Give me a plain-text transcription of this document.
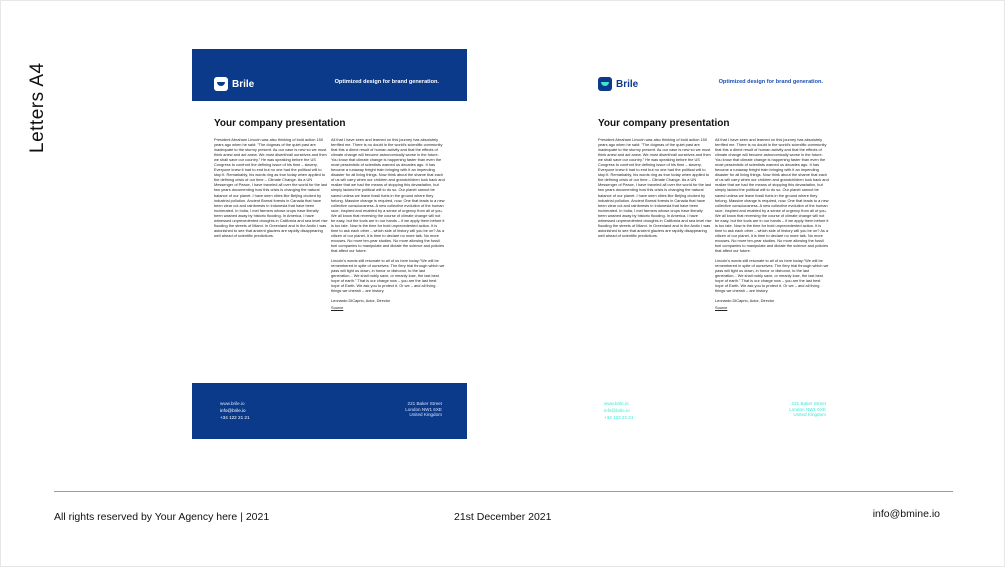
Letters A4	Brile	Optimized design for brand generation.
Your company presentation

President Abraham Lincoln was also thinking of bold action 150 years ago when he said: "The dogmas of the quiet past are inadequate to the stormy present. As our case is new so we must think anew and act anew. We must disenthrall ourselves and then we shall save our country." He was speaking before the US Congress to confront the defining issue of his time – slavery. Everyone knew it had to end but no one had the political will to stop it. Remarkably, his words ring as true today when applied to the defining crisis of our time – Climate Change. As a UN Messenger of Peace, I have traveled all over the world for the last two years documenting how this crisis is changing the natural balance of our planet. I have seen cities like Beijing choked by industrial pollution. Ancient Boreal forests in Canada that have been clear cut and rainforests in Indonesia that have been incinerated. In India, I met farmers whose crops have literally been washed away by historic flooding. In America, I have witnessed unprecedented droughts in California and sea level rise flooding the streets of Miami. In Greenland and in the Arctic I was astonished to see that ancient glaciers are rapidly disappearing well ahead of scientific predictions.

All that I have seen and learned on this journey has absolutely terrified me. There is no doubt in the world's scientific community that this a direct result of human activity and that the effects of climate change will become astronomically worse in the future. You know that climate change is happening faster than even the most pessimistic of scientists warned us decades ago. It has become a runaway freight train bringing with it an impending disaster for all living things. Now think about the shame that each of us will carry when our children and grandchildren look back and realize that we had the means of stopping this devastation, but simply lacked the political will to do so. Our planet cannot be saved unless we leave fossil fuels in the ground where they belong. Massive change is required, now. One that leads to a new collective consciousness. A new collective evolution of the human race, inspired and enabled by a sense of urgency from all of you. We all know that reversing the course of climate change will not be easy, but the tools are in our hands – if we apply them before it is too late. Now is the time for bold unprecedented action. It is time to ask each other – which side of history will you be on? As a citizen of our planet, it is time to declare no more talk. No more excuses. No more ten-year studies. No more allowing the fossil fuel companies to manipulate and dictate the science and policies that affect our future.

Lincoln's words still resonate to all of us here today:"We will be remembered in spite of ourselves. The fiery trial through which we pass will light us down, in honor or dishonor, to the last generation... We shall nobly save, or meanly lose, the last best hope of earth." That is our charge now – you are the last best hope of Earth. We ask you to protect it. Or we – and all living things we cherish – are history.

Leonardo DiCaprio, Actor, Director
Source
www.brile.io
info@brile.io
+34 122 21 21
221 Baker Street
London NW1 6XE
United Kingdom
Brile	Optimized design for brand generation.
Your company presentation

President Abraham Lincoln was also thinking of bold action 150 years ago when he said: "The dogmas of the quiet past are inadequate to the stormy present. As our case is new so we must think anew and act anew. We must disenthrall ourselves and then we shall save our country." He was speaking before the US Congress to confront the defining issue of his time – slavery. Everyone knew it had to end but no one had the political will to stop it. Remarkably, his words ring as true today when applied to the defining crisis of our time – Climate Change. As a UN Messenger of Peace, I have traveled all over the world for the last two years documenting how this crisis is changing the natural balance of our planet. I have seen cities like Beijing choked by industrial pollution. Ancient Boreal forests in Canada that have been clear cut and rainforests in Indonesia that have been incinerated. In India, I met farmers whose crops have literally been washed away by historic flooding. In America, I have witnessed unprecedented droughts in California and sea level rise flooding the streets of Miami. In Greenland and in the Arctic I was astonished to see that ancient glaciers are rapidly disappearing well ahead of scientific predictions.

All that I have seen and learned on this journey has absolutely terrified me. There is no doubt in the world's scientific community that this a direct result of human activity and that the effects of climate change will become astronomically worse in the future. You know that climate change is happening faster than even the most pessimistic of scientists warned us decades ago. It has become a runaway freight train bringing with it an impending disaster for all living things. Now think about the shame that each of us will carry when our children and grandchildren look back and realize that we had the means of stopping this devastation, but simply lacked the political will to do so. Our planet cannot be saved unless we leave fossil fuels in the ground where they belong. Massive change is required, now. One that leads to a new collective consciousness. A new collective evolution of the human race, inspired and enabled by a sense of urgency from all of you. We all know that reversing the course of climate change will not be easy, but the tools are in our hands – if we apply them before it is too late. Now is the time for bold unprecedented action. It is time to ask each other – which side of history will you be on? As a citizen of our planet, it is time to declare no more talk. No more excuses. No more ten-year studies. No more allowing the fossil fuel companies to manipulate and dictate the science and policies that affect our future.

Lincoln's words still resonate to all of us here today:"We will be remembered in spite of ourselves. The fiery trial through which we pass will light us down, in honor or dishonor, to the last generation... We shall nobly save, or meanly lose, the last best hope of earth." That is our charge now – you are the last best hope of Earth. We ask you to protect it. Or we – and all living things we cherish – are history.

Leonardo DiCaprio, Actor, Director
Source
www.brile.io
info@brile.io
+34 122 21 21
221 Baker Street
London NW1 6XE
United Kingdom
All rights reserved by Your Agency here | 2021	21st December 2021	info@bmine.io
